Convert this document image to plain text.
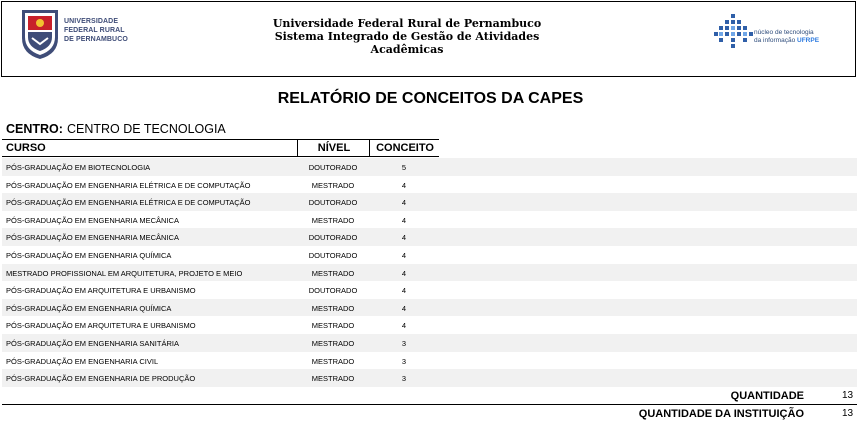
UNIVERSIDADE
FEDERAL RURAL
DE PERNAMBUCO
Universidade Federal Rural de Pernambuco
Sistema Integrado de Gestão de Atividades
Acadêmicas
núcleo de tecnologia
da informação UFRPE
RELATÓRIO DE CONCEITOS DA CAPES
CENTRO: CENTRO DE TECNOLOGIA
CURSO	NÍVEL	CONCEITO
PÓS-GRADUAÇÃO EM BIOTECNOLOGIA	DOUTORADO	5
PÓS-GRADUAÇÃO EM ENGENHARIA ELÉTRICA E DE COMPUTAÇÃO	MESTRADO	4
PÓS-GRADUAÇÃO EM ENGENHARIA ELÉTRICA E DE COMPUTAÇÃO	DOUTORADO	4
PÓS-GRADUAÇÃO EM ENGENHARIA MECÂNICA	MESTRADO	4
PÓS-GRADUAÇÃO EM ENGENHARIA MECÂNICA	DOUTORADO	4
PÓS-GRADUAÇÃO EM ENGENHARIA QUÍMICA	DOUTORADO	4
MESTRADO PROFISSIONAL EM ARQUITETURA, PROJETO E MEIO	MESTRADO	4
PÓS-GRADUAÇÃO EM ARQUITETURA E URBANISMO	DOUTORADO	4
PÓS-GRADUAÇÃO EM ENGENHARIA QUÍMICA	MESTRADO	4
PÓS-GRADUAÇÃO EM ARQUITETURA E URBANISMO	MESTRADO	4
PÓS-GRADUAÇÃO EM ENGENHARIA SANITÁRIA	MESTRADO	3
PÓS-GRADUAÇÃO EM ENGENHARIA CIVIL	MESTRADO	3
PÓS-GRADUAÇÃO EM ENGENHARIA DE PRODUÇÃO	MESTRADO	3
QUANTIDADE	13
QUANTIDADE DA INSTITUIÇÃO	13
